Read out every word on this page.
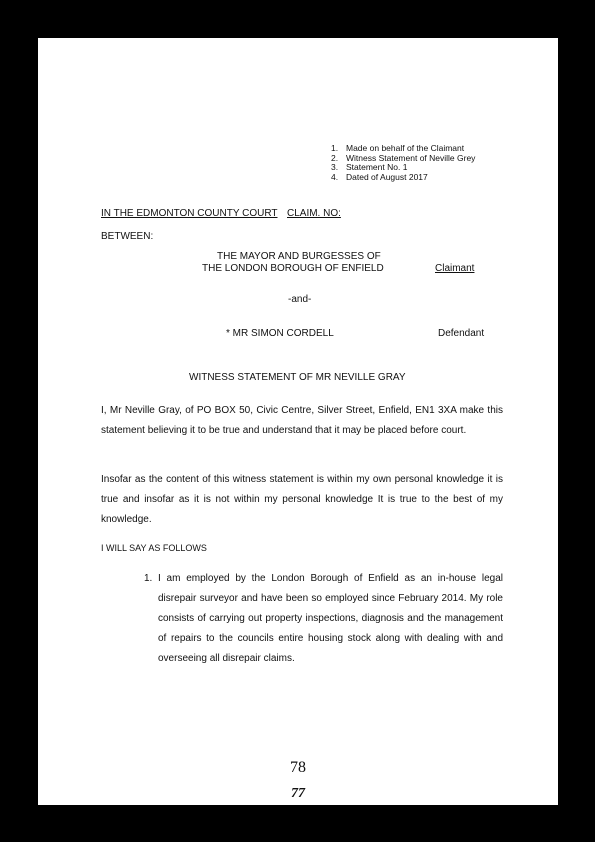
1. Made on behalf of the Claimant
2. Witness Statement of Neville Grey
3. Statement No. 1
4. Dated of August 2017
IN THE EDMONTON COUNTY COURT CLAIM. NO:
BETWEEN:
THE MAYOR AND BURGESSES OF
THE LONDON BOROUGH OF ENFIELD	Claimant
-and-
* MR SIMON CORDELL	Defendant
WITNESS STATEMENT OF MR NEVILLE GRAY

I, Mr Neville Gray, of PO BOX 50, Civic Centre, Silver Street, Enfield, EN1 3XA make this statement believing it to be true and understand that it may be placed before court.

Insofar as the content of this witness statement is within my own personal knowledge it is true and insofar as it is not within my personal knowledge It is true to the best of my knowledge.

I WILL SAY AS FOLLOWS
1. I am employed by the London Borough of Enfield as an in-house legal disrepair surveyor and have been so employed since February 2014. My role consists of carrying out property inspections, diagnosis and the management of repairs to the councils entire housing stock along with dealing with and overseeing all disrepair claims.
78
77
